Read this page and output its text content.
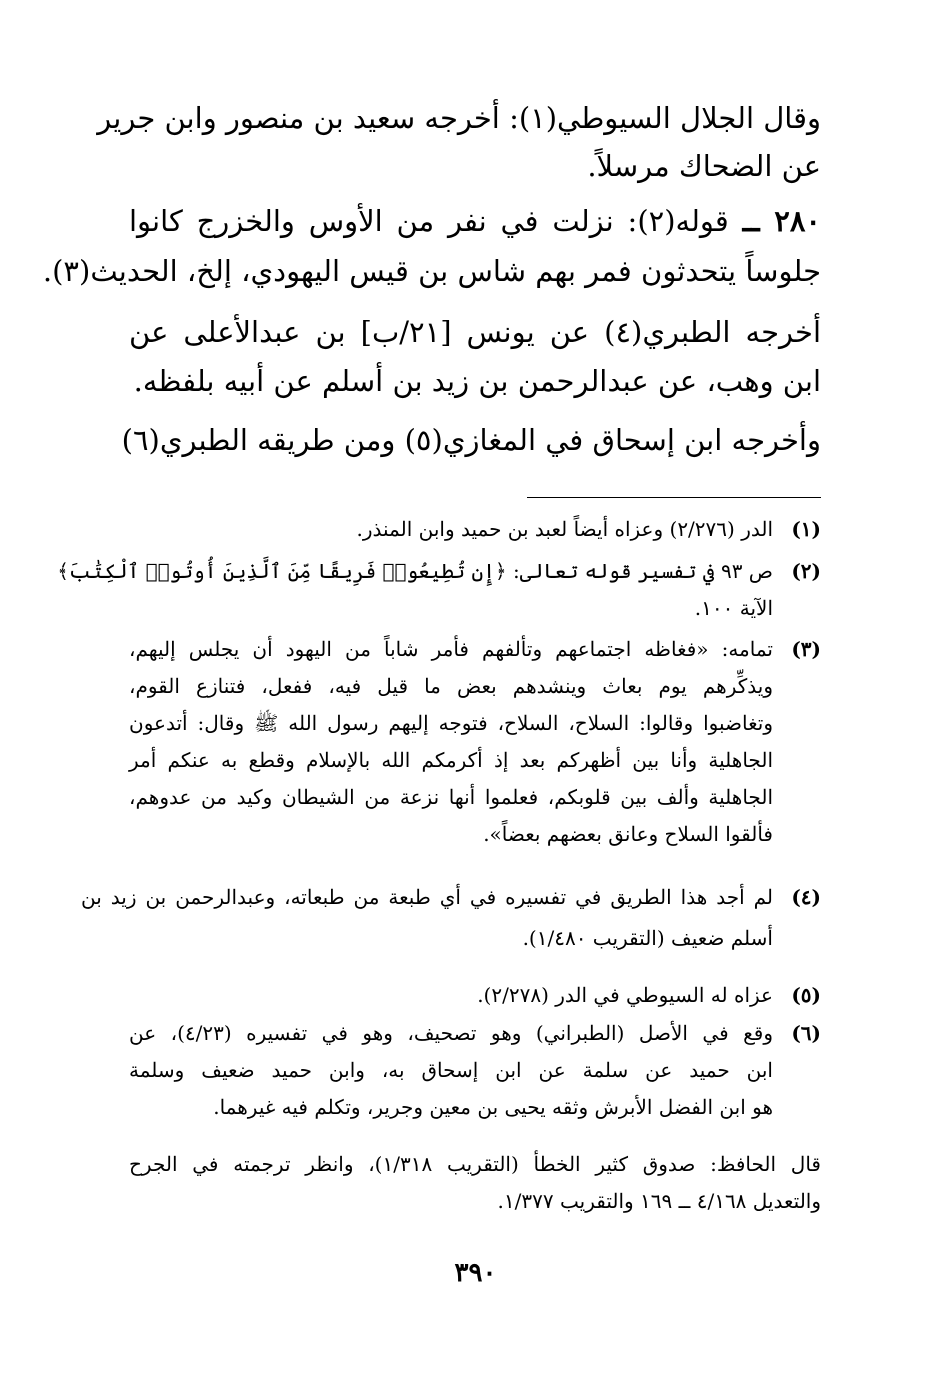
وقال الجلال السيوطي(١): أخرجه سعيد بن منصور وابن جرير
عن الضحاك مرسلاً.
٢٨٠ ــ قوله(٢): نزلت في نفر من الأوس والخزرج كانوا
جلوساً يتحدثون فمر بهم شاس بن قيس اليهودي، إلخ، الحديث(٣).
أخرجه الطبري(٤) عن يونس [٢١/ب] بن عبدالأعلى عن
ابن وهب، عن عبدالرحمن بن زيد بن أسلم عن أبيه بلفظه.
وأخرجه ابن إسحاق في المغازي(٥) ومن طريقه الطبري(٦)
(١)
الدر (٢/٢٧٦) وعزاه أيضاً لعبد بن حميد وابن المنذر.
(٢)
ص ٩٣ في تفسير قوله تعالى: ﴿إِن تُطِيعُوا۟ فَرِيقًا مِّنَ ٱلَّذِينَ أُوتُوا۟ ٱلْكِتَٰبَ﴾
الآية ١٠٠.
(٣)
تمامه: «فغاظه اجتماعهم وتألفهم فأمر شاباً من اليهود أن يجلس إليهم،
ويذكِّرهم يوم بعاث وينشدهم بعض ما قيل فيه، ففعل، فتنازع القوم،
وتغاضبوا وقالوا: السلاح، السلاح، فتوجه إليهم رسول الله ﷺ وقال: أتدعون
الجاهلية وأنا بين أظهركم بعد إذ أكرمكم الله بالإسلام وقطع به عنكم أمر
الجاهلية وألف بين قلوبكم، فعلموا أنها نزعة من الشيطان وكيد من عدوهم،
فألقوا السلاح وعانق بعضهم بعضاً».
(٤)
لم أجد هذا الطريق في تفسيره في أي طبعة من طبعاته، وعبدالرحمن بن زيد بن
أسلم ضعيف (التقريب ١/٤٨٠).
(٥)
عزاه له السيوطي في الدر (٢/٢٧٨).
(٦)
وقع في الأصل (الطبراني) وهو تصحيف، وهو في تفسيره (٤/٢٣)، عن
ابن حميد عن سلمة عن ابن إسحاق به، وابن حميد ضعيف وسلمة
هو ابن الفضل الأبرش وثقه يحيى بن معين وجرير، وتكلم فيه غيرهما.
قال الحافظ: صدوق كثير الخطأ (التقريب ١/٣١٨)، وانظر ترجمته في الجرح
والتعديل ٤/١٦٨ ــ ١٦٩ والتقريب ١/٣٧٧.
٣٩٠
